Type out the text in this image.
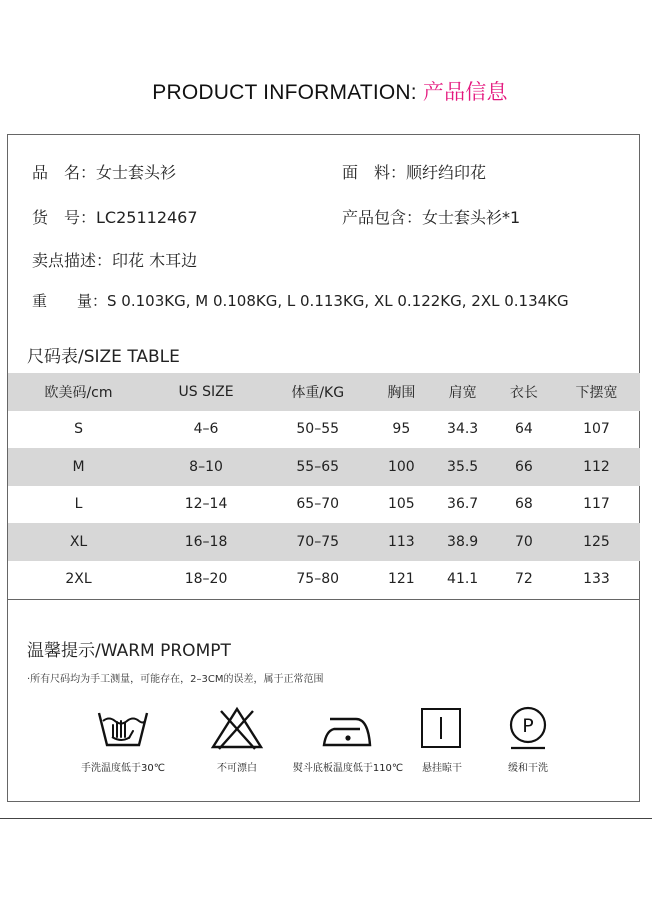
PRODUCT INFORMATION: 产品信息
品　名：女士套头衫	面　料：顺纡绉印花
货　号：LC25112467	产品包含：女士套头衫*1
卖点描述：印花 木耳边
重　　量：S 0.103KG, M 0.108KG, L 0.113KG, XL 0.122KG, 2XL 0.134KG
尺码表/SIZE TABLE
欧美码/cm	US SIZE	体重/KG	胸围	肩宽	衣长	下摆宽
S	4–6	50–55	95	34.3	64	107
M	8–10	55–65	100	35.5	66	112
L	12–14	65–70	105	36.7	68	117
XL	16–18	70–75	113	38.9	70	125
2XL	18–20	75–80	121	41.1	72	133
温馨提示/WARM PROMPT
·所有尺码均为手工测量，可能存在，2–3CM的误差，属于正常范围
手洗温度低于30℃	不可漂白	熨斗底板温度低于110℃	悬挂晾干
P
缓和干洗
